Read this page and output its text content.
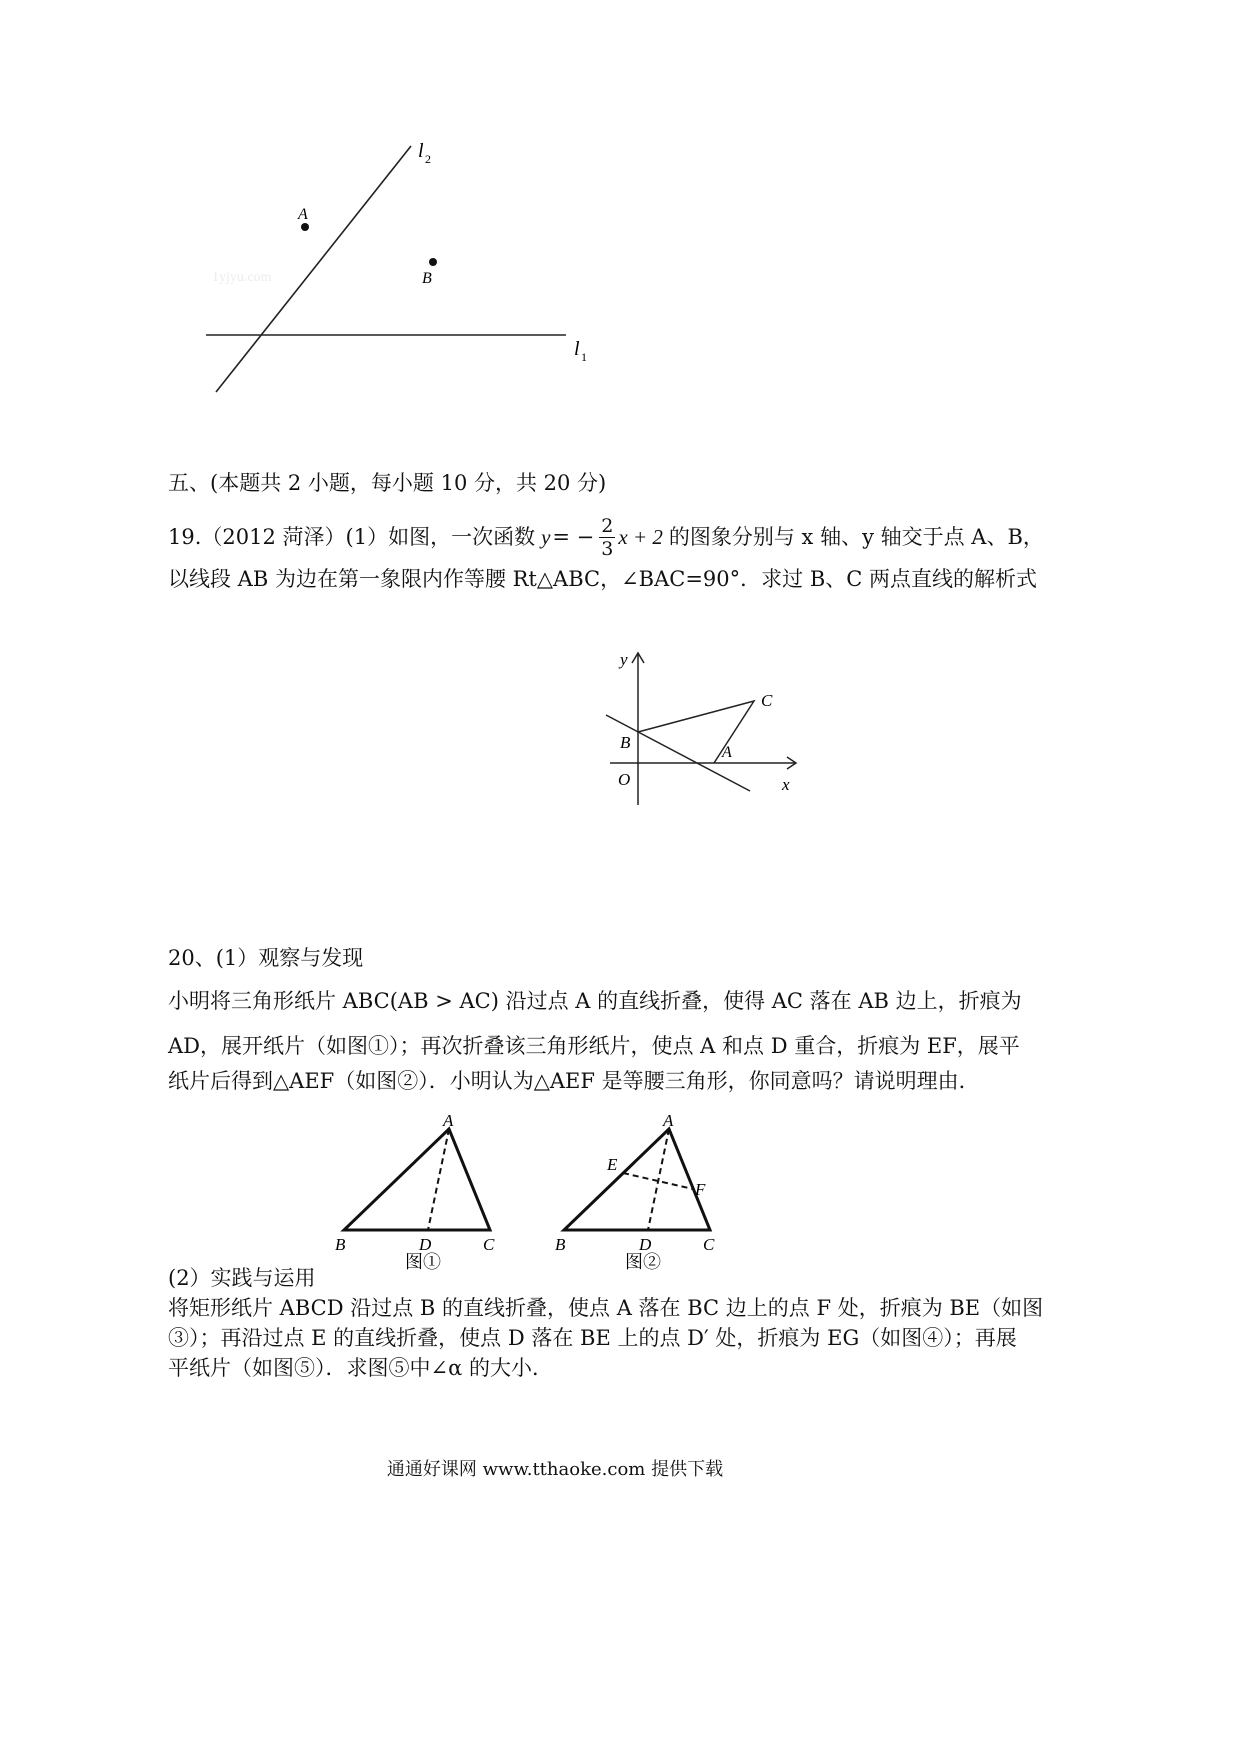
A
B
l 2
l 1
1yjyu.com
五、(本题共 2 小题，每小题 10 分，共 20 分)
19.（2012 菏泽）(1）如图，一次函数 y = − $\frac{2}{3}$ x + 2 的图象分别与 x 轴、y 轴交于点 A、B，
以线段 AB 为边在第一象限内作等腰 Rt△ABC，∠BAC=90°．求过 B、C 两点直线的解析式
y
x
O
B
A
C
20、(1）观察与发现
小明将三角形纸片 ABC(AB > AC) 沿过点 A 的直线折叠，使得 AC 落在 AB 边上，折痕为
AD，展开纸片（如图①）；再次折叠该三角形纸片，使点 A 和点 D 重合，折痕为 EF，展平
纸片后得到△AEF（如图②）．小明认为△AEF 是等腰三角形，你同意吗？请说明理由．
A
B	D	C
图①
A
E
F
B	D	C
图②
(2）实践与运用
将矩形纸片 ABCD 沿过点 B 的直线折叠，使点 A 落在 BC 边上的点 F 处，折痕为 BE（如图
③）；再沿过点 E 的直线折叠，使点 D 落在 BE 上的点 D′ 处，折痕为 EG（如图④）；再展
平纸片（如图⑤）．求图⑤中∠α 的大小．
通通好课网 www.tthaoke.com 提供下载
